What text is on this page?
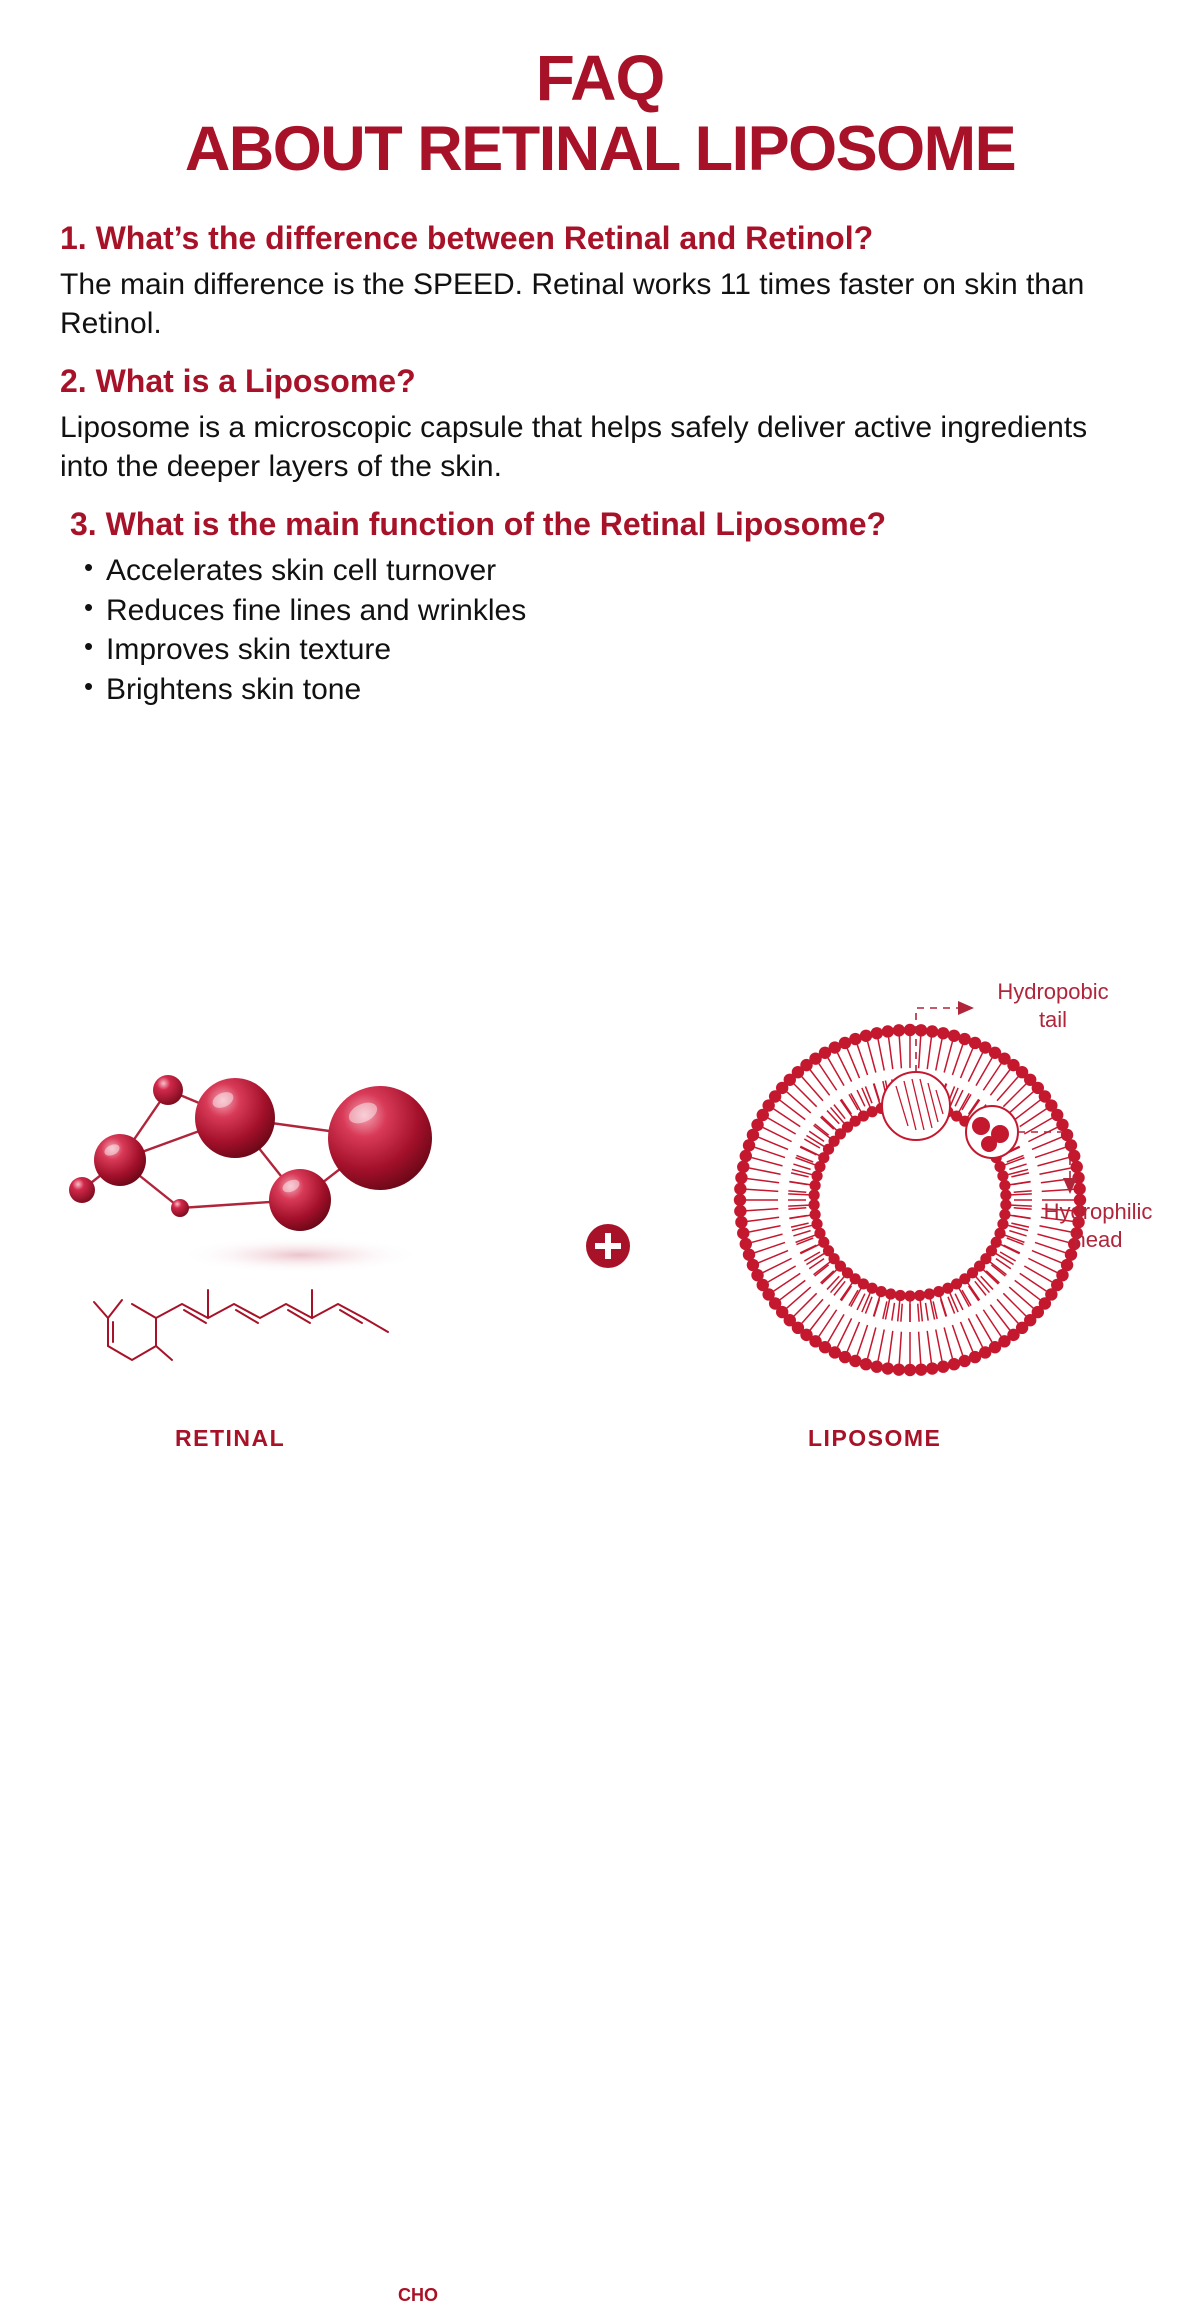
FAQ
ABOUT RETINAL LIPOSOME

1. What’s the difference between Retinal and Retinol?

The main difference is the SPEED. Retinal works 11 times faster on skin than Retinol.

2. What is a Liposome?

Liposome is a microscopic capsule that helps safely deliver active ingredients into the deeper layers of the skin.

3. What is the main function of the Retinal Liposome?

• Accelerates skin cell turnover
• Reduces fine lines and wrinkles
• Improves skin texture
• Brightens skin tone
CHO
Hydropobic
tail
Hydrophilic
head
RETINAL	LIPOSOME
